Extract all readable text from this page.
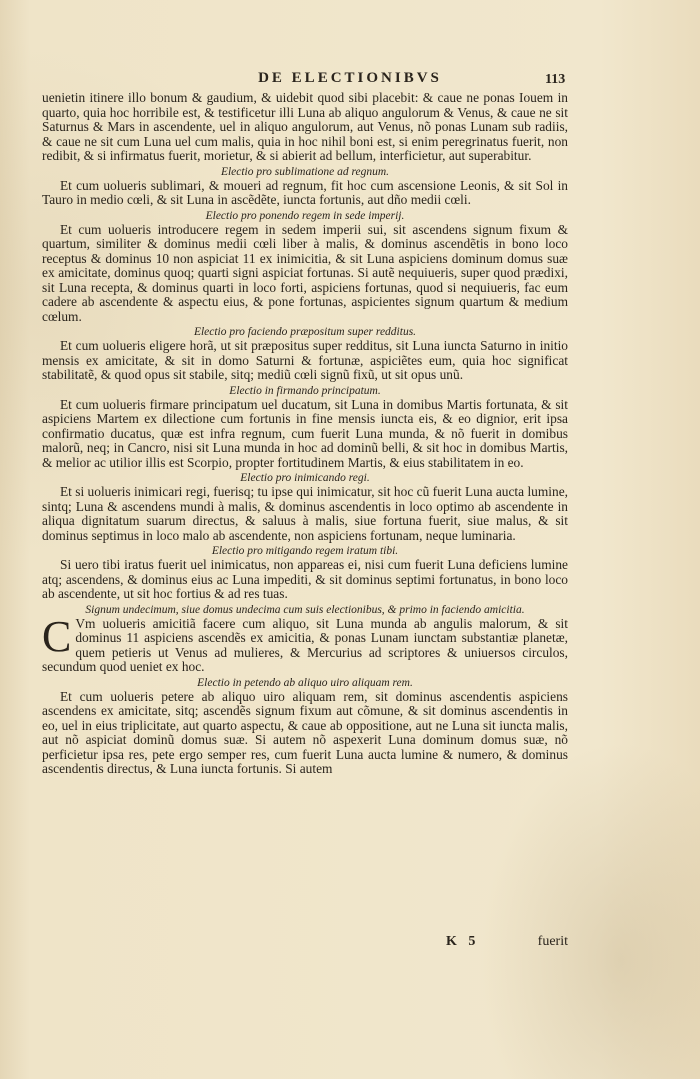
DE ELECTIONIBVS	113

uenietin itinere illo bonum & gaudium, & uidebit quod sibi placebit: & caue ne ponas Iouem in quarto, quia hoc horribile est, & testificetur illi Luna ab aliquo angulorum & Venus, & caue ne sit Saturnus & Mars in ascendente, uel in aliquo angulorum, aut Venus, nõ ponas Lunam sub radiis, & caue ne sit cum Luna uel cum malis, quia in hoc nihil boni est, si enim peregrinatus fuerit, non redibit, & si infirmatus fuerit, morietur, & si abierit ad bellum, interficietur, aut superabitur.

Electio pro sublimatione ad regnum.

Et cum uolueris sublimari, & moueri ad regnum, fit hoc cum ascensione Leonis, & sit Sol in Tauro in medio cœli, & sit Luna in ascẽdẽte, iuncta fortunis, aut dño medii cœli.

Electio pro ponendo regem in sede imperij.

Et cum uolueris introducere regem in sedem imperii sui, sit ascendens signum fixum & quartum, similiter & dominus medii cœli liber à malis, & dominus ascendẽtis in bono loco receptus & dominus 10 non aspiciat 11 ex inimicitia, & sit Luna aspiciens dominum domus suæ ex amicitate, dominus quoq; quarti signi aspiciat fortunas. Si autẽ nequiueris, super quod prædixi, sit Luna recepta, & dominus quarti in loco forti, aspiciens fortunas, quod si nequiueris, fac eum cadere ab ascendente & aspectu eius, & pone fortunas, aspicientes signum quartum & medium cœlum.

Electio pro faciendo præpositum super redditus.

Et cum uolueris eligere horã, ut sit præpositus super redditus, sit Luna iuncta Saturno in initio mensis ex amicitate, & sit in domo Saturni & fortunæ, aspiciẽtes eum, quia hoc significat stabilitatẽ, & quod opus sit stabile, sitq; mediũ cœli signũ fixũ, ut sit opus unũ.

Electio in firmando principatum.

Et cum uolueris firmare principatum uel ducatum, sit Luna in domibus Martis fortunata, & sit aspiciens Martem ex dilectione cum fortunis in fine mensis iuncta eis, & eo dignior, erit ipsa confirmatio ducatus, quæ est infra regnum, cum fuerit Luna munda, & nõ fuerit in domibus malorũ, neq; in Cancro, nisi sit Luna munda in hoc ad dominũ belli, & sit hoc in domibus Martis, & melior ac utilior illis est Scorpio, propter fortitudinem Martis, & eius stabilitatem in eo.

Electio pro inimicando regi.

Et si uolueris inimicari regi, fuerisq; tu ipse qui inimicatur, sit hoc cũ fuerit Luna aucta lumine, sintq; Luna & ascendens mundi à malis, & dominus ascendentis in loco optimo ab ascendente in aliqua dignitatum suarum directus, & saluus à malis, siue fortuna fuerit, siue malus, & sit dominus septimus in loco malo ab ascendente, non aspiciens fortunam, neque luminaria.

Electio pro mitigando regem iratum tibi.

Si uero tibi iratus fuerit uel inimicatus, non appareas ei, nisi cum fuerit Luna deficiens lumine atq; ascendens, & dominus eius ac Luna impediti, & sit dominus septimi fortunatus, in bono loco ab ascendente, ut sit hoc fortius & ad res tuas.

Signum undecimum, siue domus undecima cum suis electionibus, & primo in faciendo amicitia.

C Vm uolueris amicitiã facere cum aliquo, sit Luna munda ab angulis malorum, & sit dominus 11 aspiciens ascendẽs ex amicitia, & ponas Lunam iunctam substantiæ planetæ, quem petieris ut Venus ad mulieres, & Mercurius ad scriptores & uniuersos circulos, secundum quod ueniet ex hoc.

Electio in petendo ab aliquo uiro aliquam rem.

Et cum uolueris petere ab aliquo uiro aliquam rem, sit dominus ascendentis aspiciens ascendens ex amicitate, sitq; ascendẽs signum fixum aut cõmune, & sit dominus ascendentis in eo, uel in eius triplicitate, aut quarto aspectu, & caue ab oppositione, aut ne Luna sit iuncta malis, aut nõ aspiciat dominũ domus suæ. Si autem nõ aspexerit Luna dominum domus suæ, nõ perficietur ipsa res, pete ergo semper res, cum fuerit Luna aucta lumine & numero, & dominus ascendentis directus, & Luna iuncta fortunis. Si autem

K 5	fuerit
